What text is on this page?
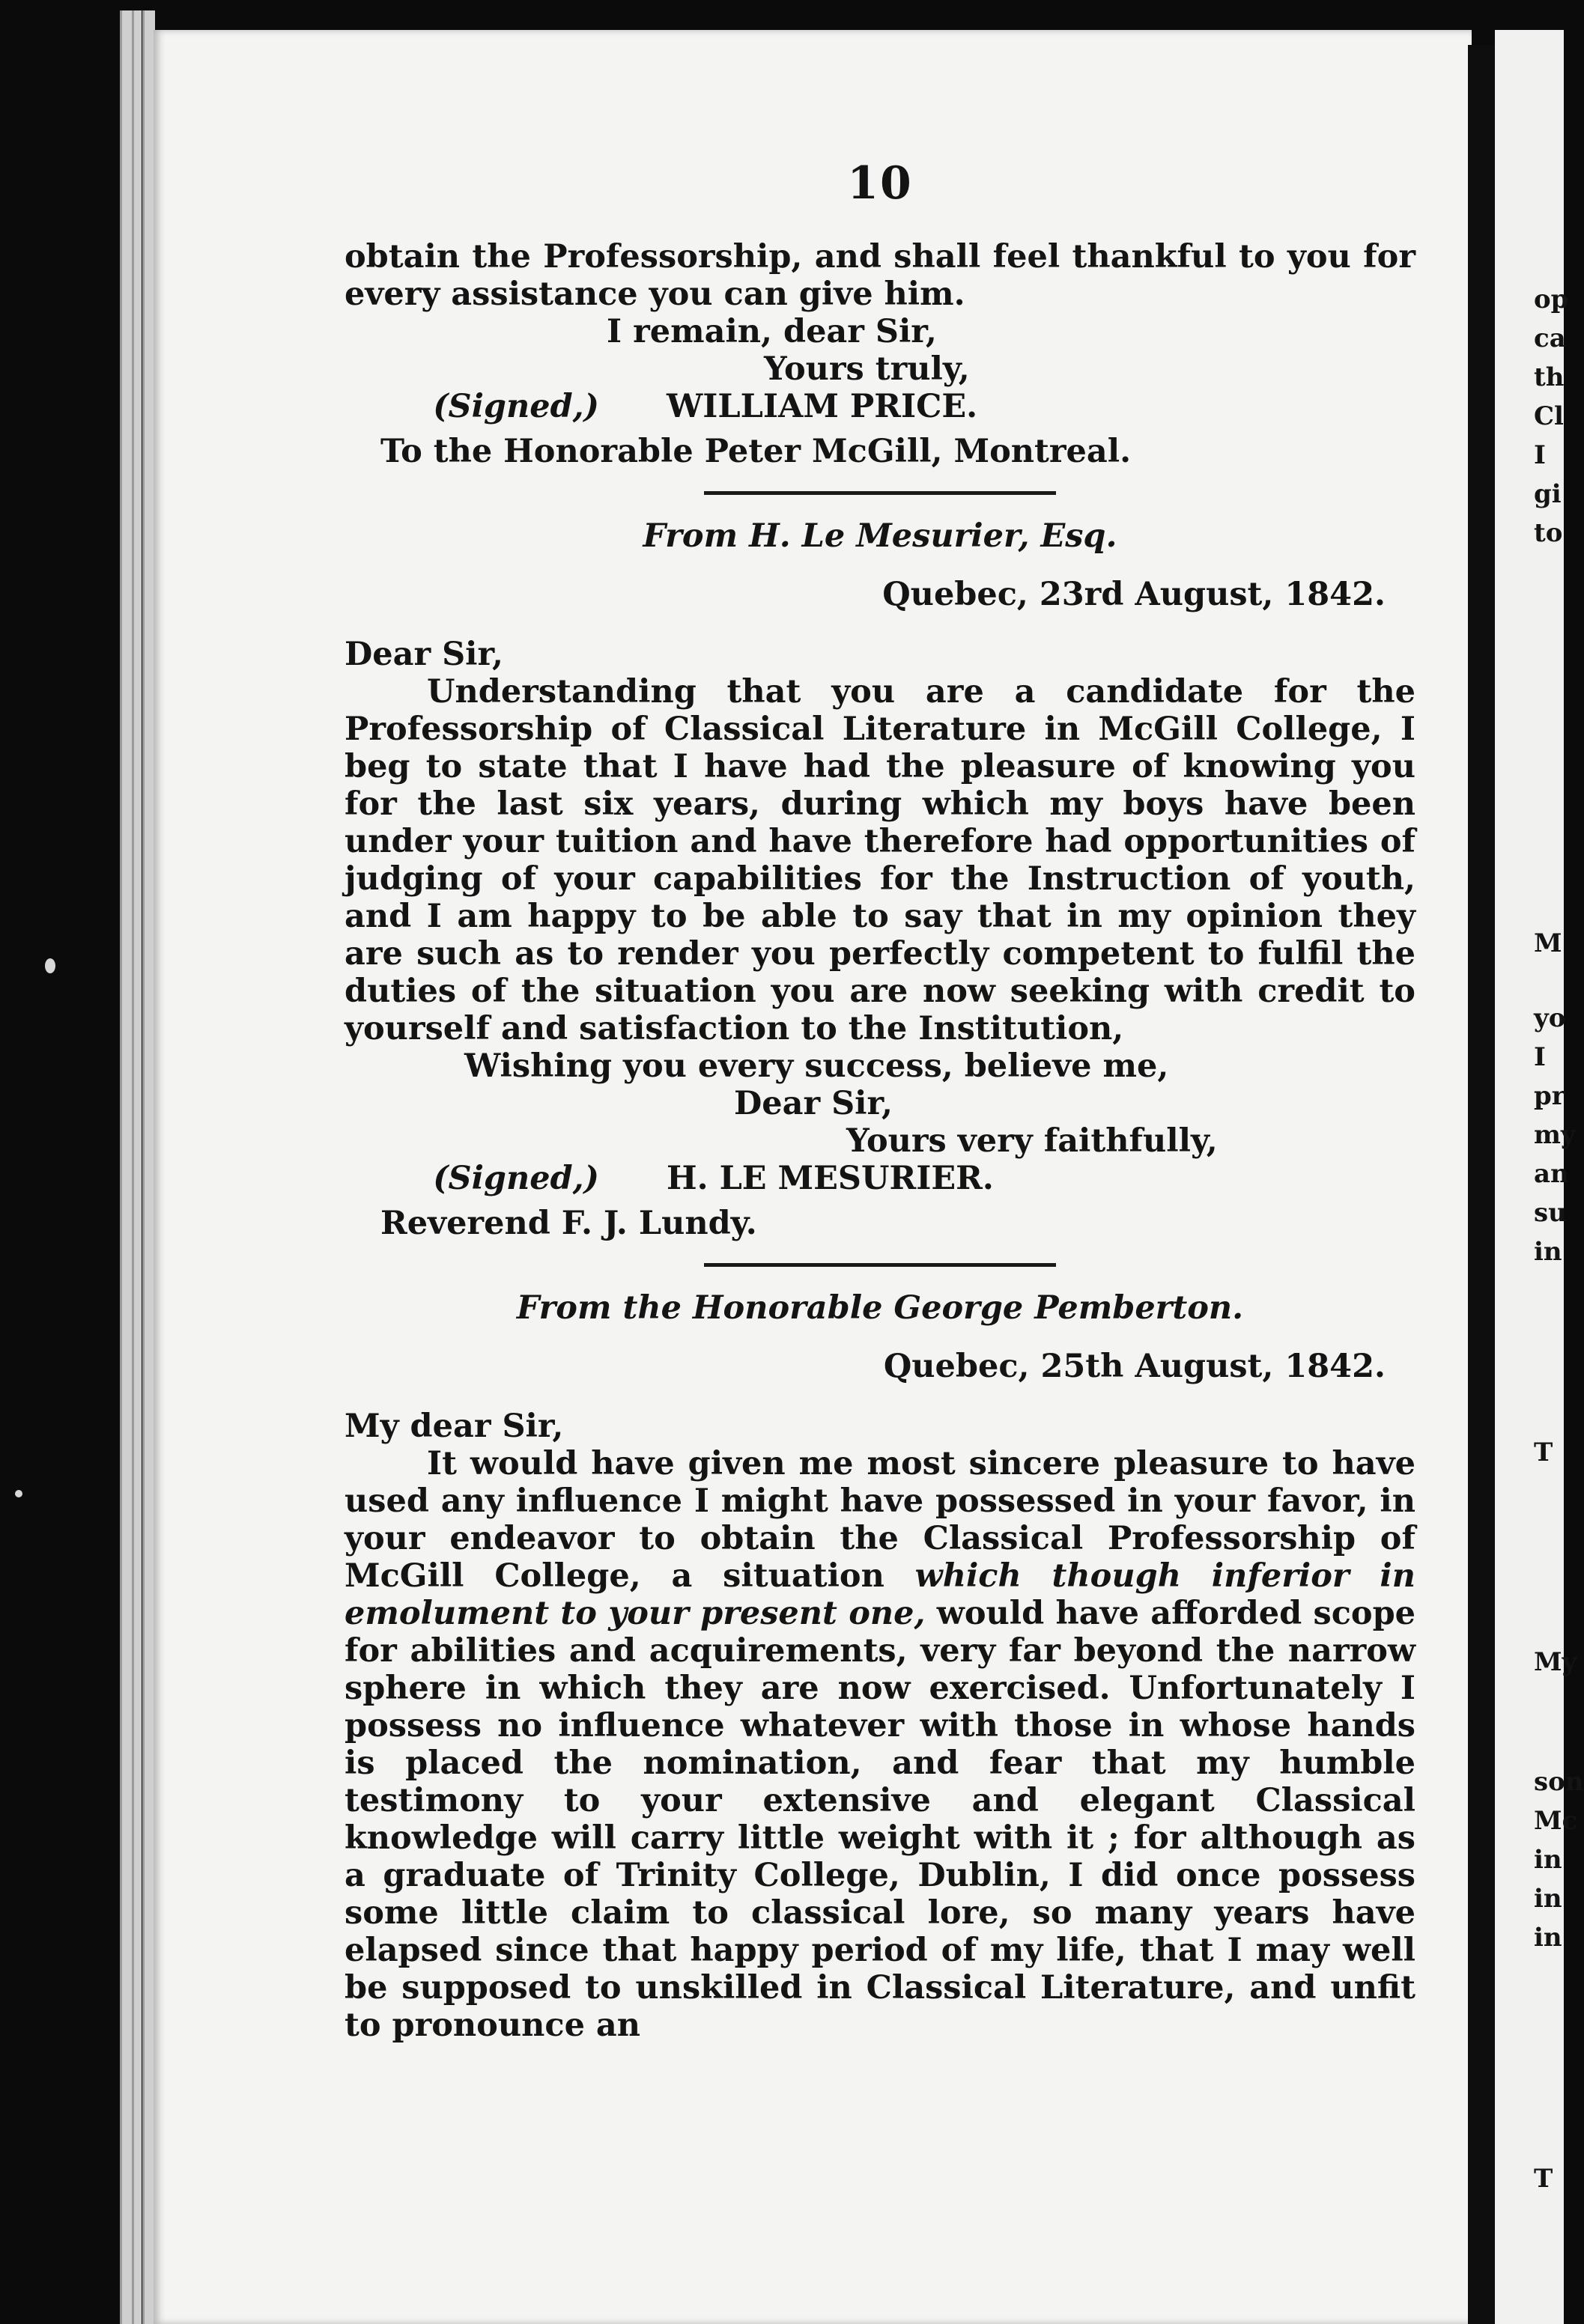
op
ca
th
Cl
I
gi
to
M
yo
I
pr
my
an
su
in
T
My
son
Mc
in
in
in
T
10

obtain the Professorship, and shall feel thankful to you for every assistance you can give him.

I remain, dear Sir,

Yours truly,

(Signed,)	WILLIAM PRICE.

To the Honorable Peter McGill, Montreal.

From H. Le Mesurier, Esq.

Quebec, 23rd August, 1842.

Dear Sir,

Understanding that you are a candidate for the Professorship of Classical Literature in McGill College, I beg to state that I have had the pleasure of knowing you for the last six years, during which my boys have been under your tuition and have therefore had opportunities of judging of your capabilities for the Instruction of youth, and I am happy to be able to say that in my opinion they are such as to render you perfectly competent to fulfil the duties of the situation you are now seeking with credit to yourself and satisfaction to the Institution,

Wishing you every success, believe me,

Dear Sir,

Yours very faithfully,

(Signed,)	H. LE MESURIER.

Reverend F. J. Lundy.

From the Honorable George Pemberton.

Quebec, 25th August, 1842.

My dear Sir,

It would have given me most sincere pleasure to have used any influence I might have possessed in your favor, in your endeavor to obtain the Classical Professorship of McGill College, a situation which though inferior in emolument to your present one, would have afforded scope for abilities and acquirements, very far beyond the narrow sphere in which they are now exercised. Unfortunately I possess no influence whatever with those in whose hands is placed the nomination, and fear that my humble testimony to your extensive and elegant Classical knowledge will carry little weight with it ; for although as a graduate of Trinity College, Dublin, I did once possess some little claim to classical lore, so many years have elapsed since that happy period of my life, that I may well be supposed to unskilled in Classical Literature, and unfit to pronounce an
